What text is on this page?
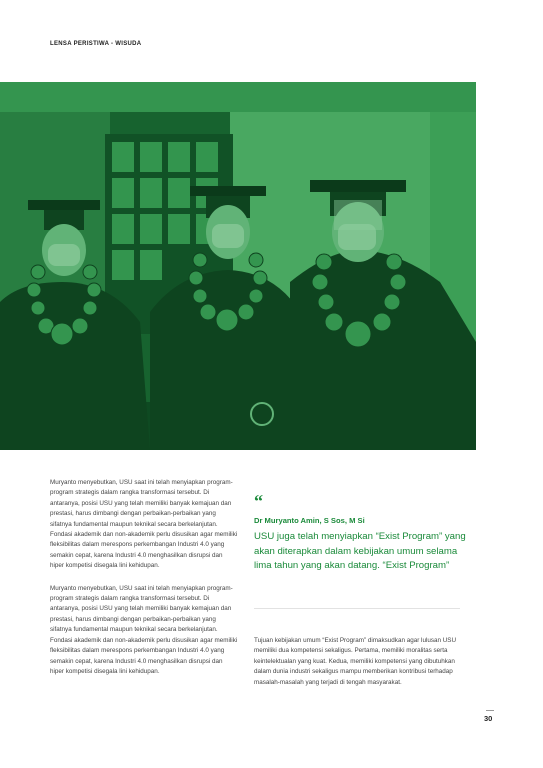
LENSA PERISTIWA - WISUDA

Muryanto menyebutkan, USU saat ini telah menyiapkan program-program strategis dalam rangka transformasi tersebut. Di antaranya, posisi USU yang telah memiliki banyak kemajuan dan prestasi, harus dimbangi dengan perbaikan-perbaikan yang sifatnya fundamental maupun teknikal secara berkelanjutan. Fondasi akademik dan non-akademik perlu disusikan agar memiliki fleksibilitas dalam merespons perkembangan Industri 4.0 yang semakin cepat, karena Industri 4.0 menghasilkan disrupsi dan hiper kompetisi disegala lini kehidupan.

Muryanto menyebutkan, USU saat ini telah menyiapkan program-program strategis dalam rangka transformasi tersebut. Di antaranya, posisi USU yang telah memiliki banyak kemajuan dan prestasi, harus dimbangi dengan perbaikan-perbaikan yang sifatnya fundamental maupun teknikal secara berkelanjutan. Fondasi akademik dan non-akademik perlu disusikan agar memiliki fleksibilitas dalam merespons perkembangan Industri 4.0 yang semakin cepat, karena Industri 4.0 menghasilkan disrupsi dan hiper kompetisi disegala lini kehidupan.

“
Dr Muryanto Amin, S Sos, M Si
USU juga telah menyiapkan “Exist Program” yang akan diterapkan dalam kebijakan umum selama lima tahun yang akan datang. “Exist Program”
Tujuan kebijakan umum “Exist Program” dimaksudkan agar lulusan USU memiliki dua kompetensi sekaligus. Pertama, memiliki moralitas serta keintelektualan yang kuat. Kedua, memiliki kompetensi yang dibutuhkan dalam dunia industri sekaligus mampu memberikan kontribusi terhadap masalah-masalah yang terjadi di tengah masyarakat.
30
